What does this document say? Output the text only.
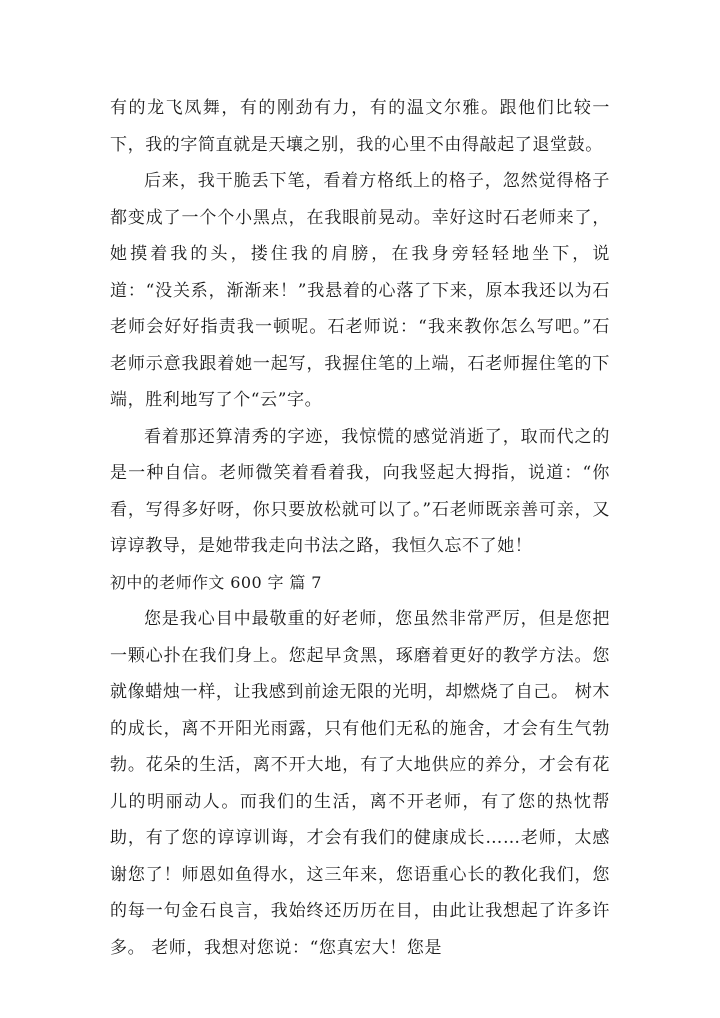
有的龙飞凤舞，有的刚劲有力，有的温文尔雅。跟他们比较一下，我的字简直就是天壤之别，我的心里不由得敲起了退堂鼓。

后来，我干脆丢下笔，看着方格纸上的格子，忽然觉得格子都变成了一个个小黑点，在我眼前晃动。幸好这时石老师来了，她摸着我的头，搂住我的肩膀，在我身旁轻轻地坐下，说道：“没关系，渐渐来！”我悬着的心落了下来，原本我还以为石老师会好好指责我一顿呢。石老师说：“我来教你怎么写吧。”石老师示意我跟着她一起写，我握住笔的上端，石老师握住笔的下端，胜利地写了个“云”字。

看着那还算清秀的字迹，我惊慌的感觉消逝了，取而代之的是一种自信。老师微笑着看着我，向我竖起大拇指，说道：“你看，写得多好呀，你只要放松就可以了。”石老师既亲善可亲，又谆谆教导，是她带我走向书法之路，我恒久忘不了她！

初中的老师作文 600 字 篇 7

您是我心目中最敬重的好老师，您虽然非常严厉，但是您把一颗心扑在我们身上。您起早贪黑，琢磨着更好的教学方法。您就像蜡烛一样，让我感到前途无限的光明，却燃烧了自己。 树木的成长，离不开阳光雨露，只有他们无私的施舍，才会有生气勃勃。花朵的生活，离不开大地，有了大地供应的养分，才会有花儿的明丽动人。而我们的生活，离不开老师，有了您的热忱帮助，有了您的谆谆训诲，才会有我们的健康成长……老师，太感谢您了！师恩如鱼得水，这三年来，您语重心长的教化我们，您的每一句金石良言，我始终还历历在目，由此让我想起了许多许多。 老师，我想对您说：“您真宏大！您是
